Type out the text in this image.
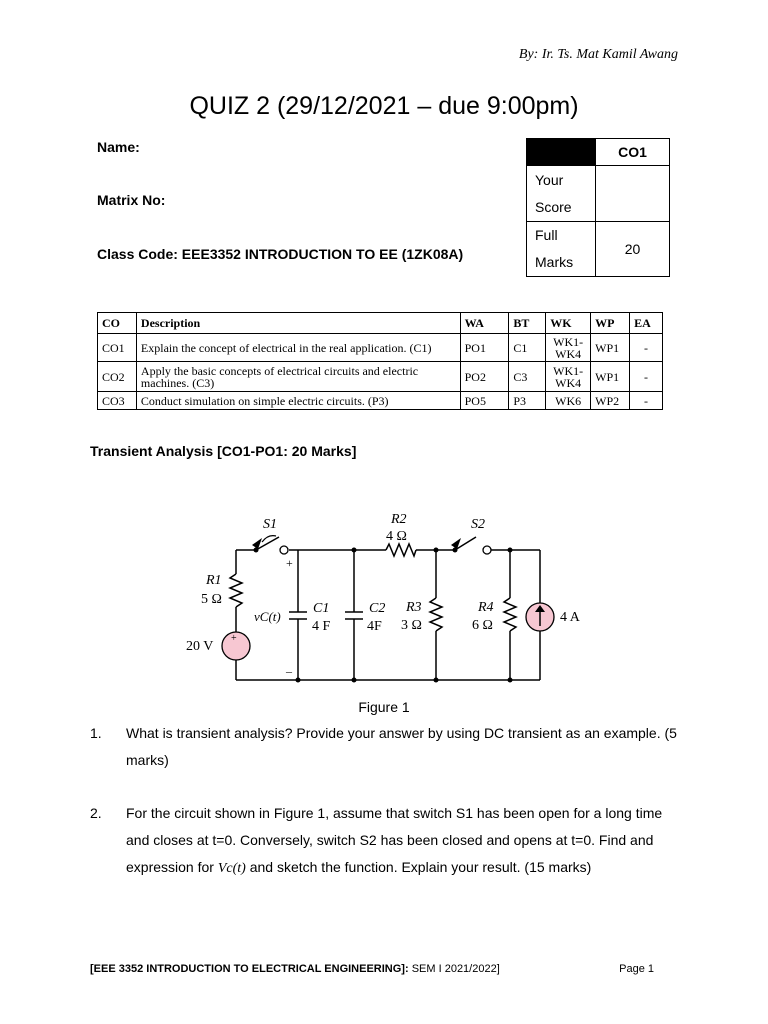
By: Ir. Ts. Mat Kamil Awang
QUIZ 2 (29/12/2021 – due 9:00pm)
Name:
Matrix No:
Class Code: EEE3352 INTRODUCTION TO EE (1ZK08A)
	CO1
Your
Score	
Full
Marks	20
CO	Description	WA	BT	WK	WP	EA
CO1	Explain the concept of electrical in the real application. (C1)	PO1	C1	WK1-WK4	WP1	-
CO2	Apply the basic concepts of electrical circuits and electric machines. (C3)	PO2	C3	WK1-WK4	WP1	-
CO3	Conduct simulation on simple electric circuits. (P3)	PO5	P3	WK6	WP2	-
Transient Analysis [CO1-PO1: 20 Marks]
+
S1	R2
4 Ω
S2
+
–
R1
5 Ω
20 V
vC(t)
C1
4 F
C2
4F
R3
3 Ω
R4
6 Ω
4 A
Figure 1
1. What is transient analysis? Provide your answer by using DC transient as an example. (5 marks)
2. For the circuit shown in Figure 1, assume that switch S1 has been open for a long time and closes at t=0. Conversely, switch S2 has been closed and opens at t=0. Find and expression for Vc(t) and sketch the function. Explain your result. (15 marks)
[EEE 3352 INTRODUCTION TO ELECTRICAL ENGINEERING]: SEM I 2021/2022]	Page 1
